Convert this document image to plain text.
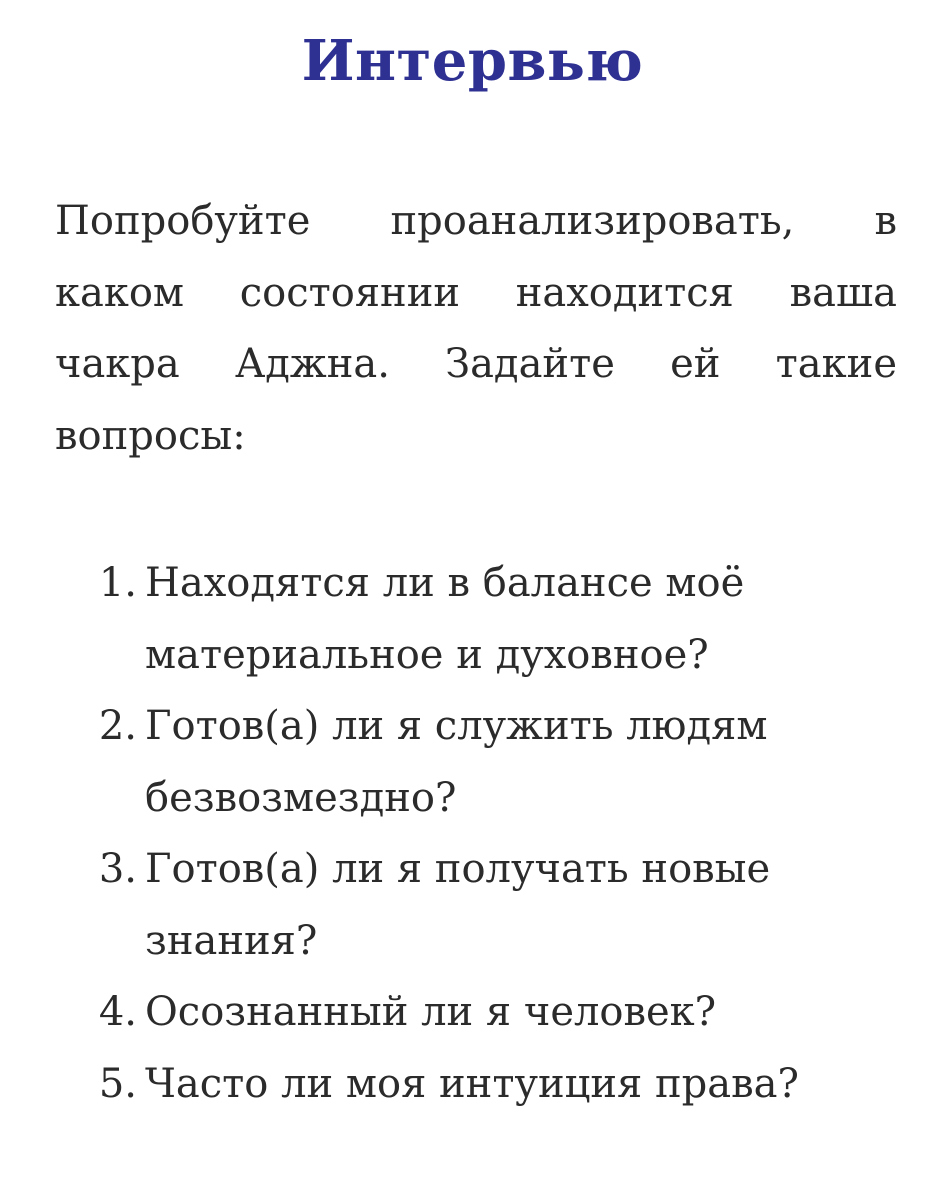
Интервью

Попробуйте проанализировать, в каком состоянии находится ваша чакра Аджна. Задайте ей такие вопросы:

1. Находятся ли в балансе моё материальное и духовное?
2. Готов(а) ли я служить людям безвозмездно?
3. Готов(а) ли я получать новые знания?
4. Осознанный ли я человек?
5. Часто ли моя интуиция права?
